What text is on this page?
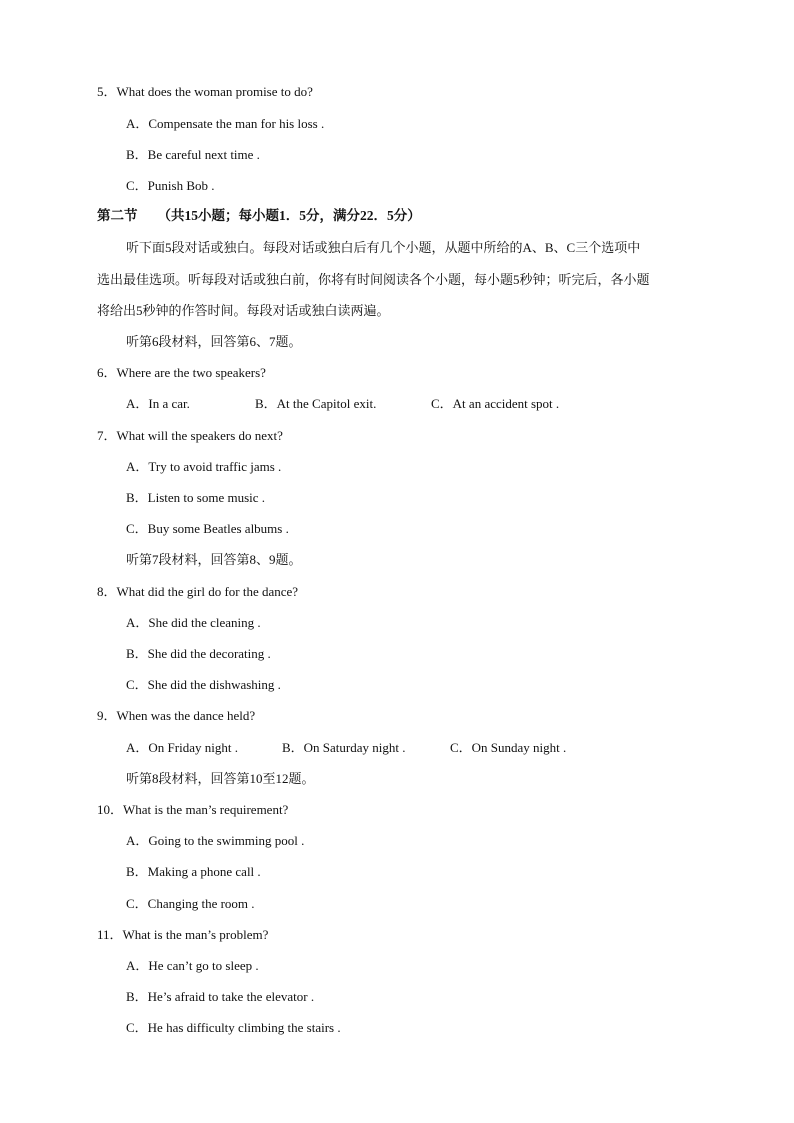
5．What does the woman promise to do?
A．Compensate the man for his loss .
B．Be careful next time .
C．Punish Bob .
第二节 （共15小题；每小题1．5分，满分22．5分）
听下面5段对话或独白。每段对话或独白后有几个小题，从题中所给的A、B、C三个选项中
选出最佳选项。听每段对话或独白前，你将有时间阅读各个小题，每小题5秒钟；听完后，各小题
将给出5秒钟的作答时间。每段对话或独白读两遍。
听第6段材料，回答第6、7题。
6．Where are the two speakers?
A．In a car.	B．At the Capitol exit.	C．At an accident spot .
7．What will the speakers do next?
A．Try to avoid traffic jams .
B．Listen to some music .
C．Buy some Beatles albums .
听第7段材料，回答第8、9题。
8．What did the girl do for the dance?
A．She did the cleaning .
B．She did the decorating .
C．She did the dishwashing .
9．When was the dance held?
A．On Friday night .	B．On Saturday night .	C．On Sunday night .
听第8段材料，回答第10至12题。
10．What is the man’s requirement?
A．Going to the swimming pool .
B．Making a phone call .
C．Changing the room .
11．What is the man’s problem?
A．He can’t go to sleep .
B．He’s afraid to take the elevator .
C．He has difficulty climbing the stairs .
